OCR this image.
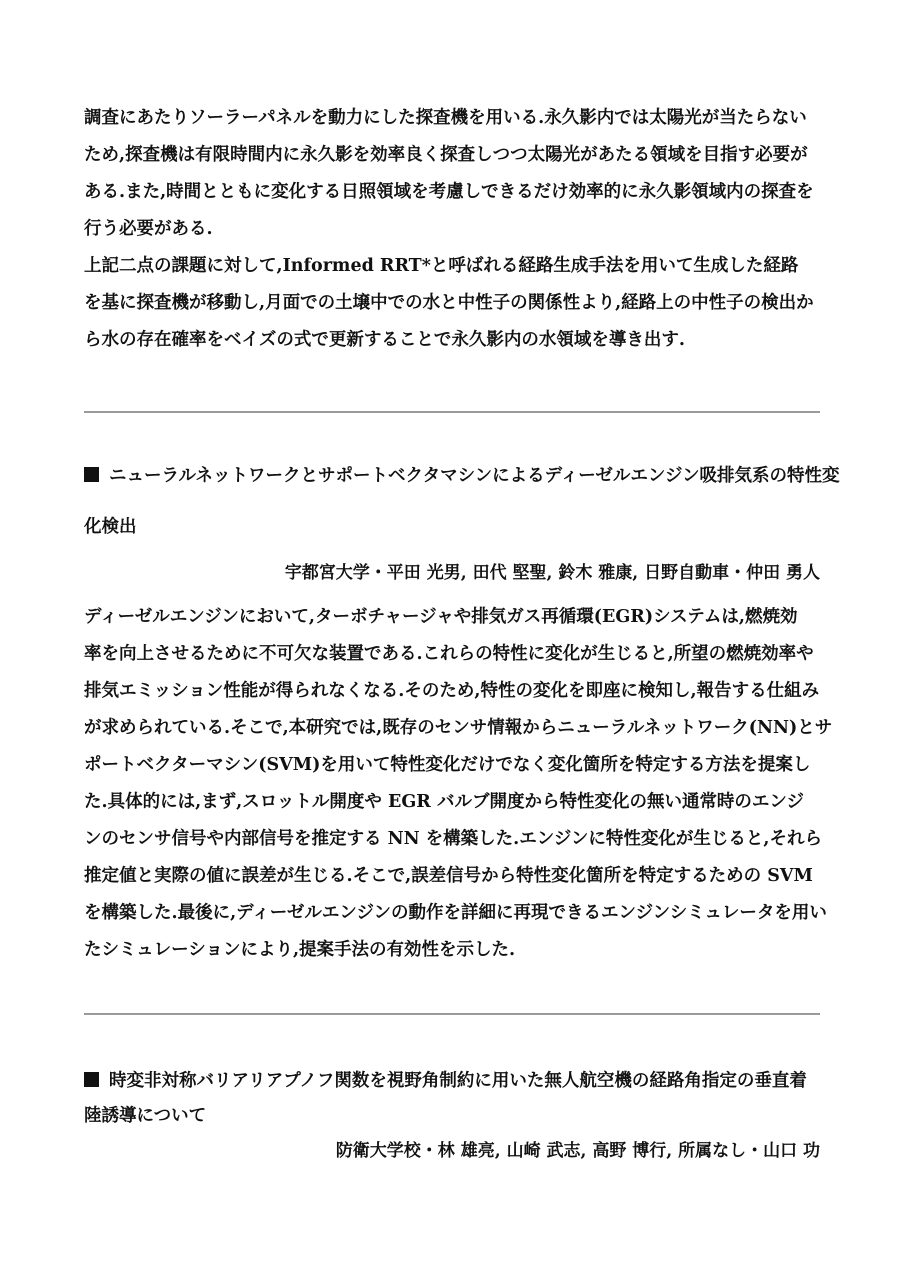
調査にあたりソーラーパネルを動力にした探査機を用いる.永久影内では太陽光が当たらない

ため,探査機は有限時間内に永久影を効率良く探査しつつ太陽光があたる領域を目指す必要が

ある.また,時間とともに変化する日照領域を考慮しできるだけ効率的に永久影領域内の探査を

行う必要がある.

上記二点の課題に対して,Informed RRT*と呼ばれる経路生成手法を用いて生成した経路

を基に探査機が移動し,月面での土壌中での水と中性子の関係性より,経路上の中性子の検出か

ら水の存在確率をベイズの式で更新することで永久影内の水領域を導き出す.

ニューラルネットワークとサポートベクタマシンによるディーゼルエンジン吸排気系の特性変

化検出

宇都宮大学・平田 光男, 田代 堅聖, 鈴木 雅康, 日野自動車・仲田 勇人

ディーゼルエンジンにおいて,ターボチャージャや排気ガス再循環(EGR)システムは,燃焼効

率を向上させるために不可欠な装置である.これらの特性に変化が生じると,所望の燃焼効率や

排気エミッション性能が得られなくなる.そのため,特性の変化を即座に検知し,報告する仕組み

が求められている.そこで,本研究では,既存のセンサ情報からニューラルネットワーク(NN)とサ

ポートベクターマシン(SVM)を用いて特性変化だけでなく変化箇所を特定する方法を提案し

た.具体的には,まず,スロットル開度や EGR バルブ開度から特性変化の無い通常時のエンジ

ンのセンサ信号や内部信号を推定する NN を構築した.エンジンに特性変化が生じると,それら

推定値と実際の値に誤差が生じる.そこで,誤差信号から特性変化箇所を特定するための SVM

を構築した.最後に,ディーゼルエンジンの動作を詳細に再現できるエンジンシミュレータを用い

たシミュレーションにより,提案手法の有効性を示した.

時変非対称バリアリアプノフ関数を視野角制約に用いた無人航空機の経路角指定の垂直着

陸誘導について

防衛大学校・林 雄亮, 山崎 武志, 高野 博行, 所属なし・山口 功
